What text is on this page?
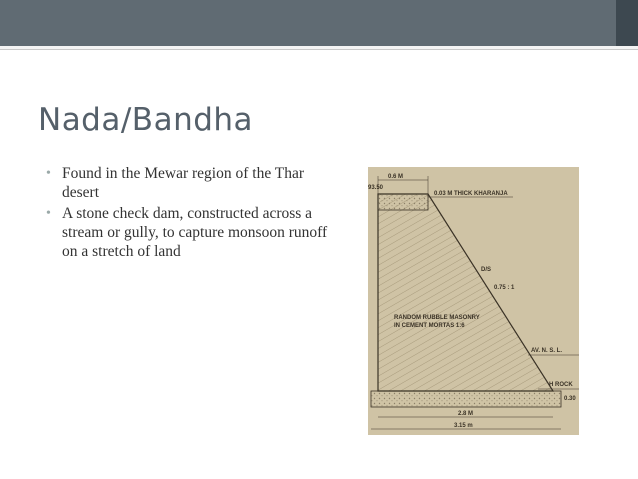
Nada/Bandha
• Found in the Mewar region of the Thar desert
• A stone check dam, constructed across a stream or gully, to capture monsoon runoff on a stretch of land
0.6 M
93.50
0.03 M THICK KHARANJA
D/S
0.75 : 1
RANDOM RUBBLE MASONRY
IN CEMENT MORTAS 1:6
AV. N. S. L.
H ROCK
0.30
2.8 M
3.15 m
